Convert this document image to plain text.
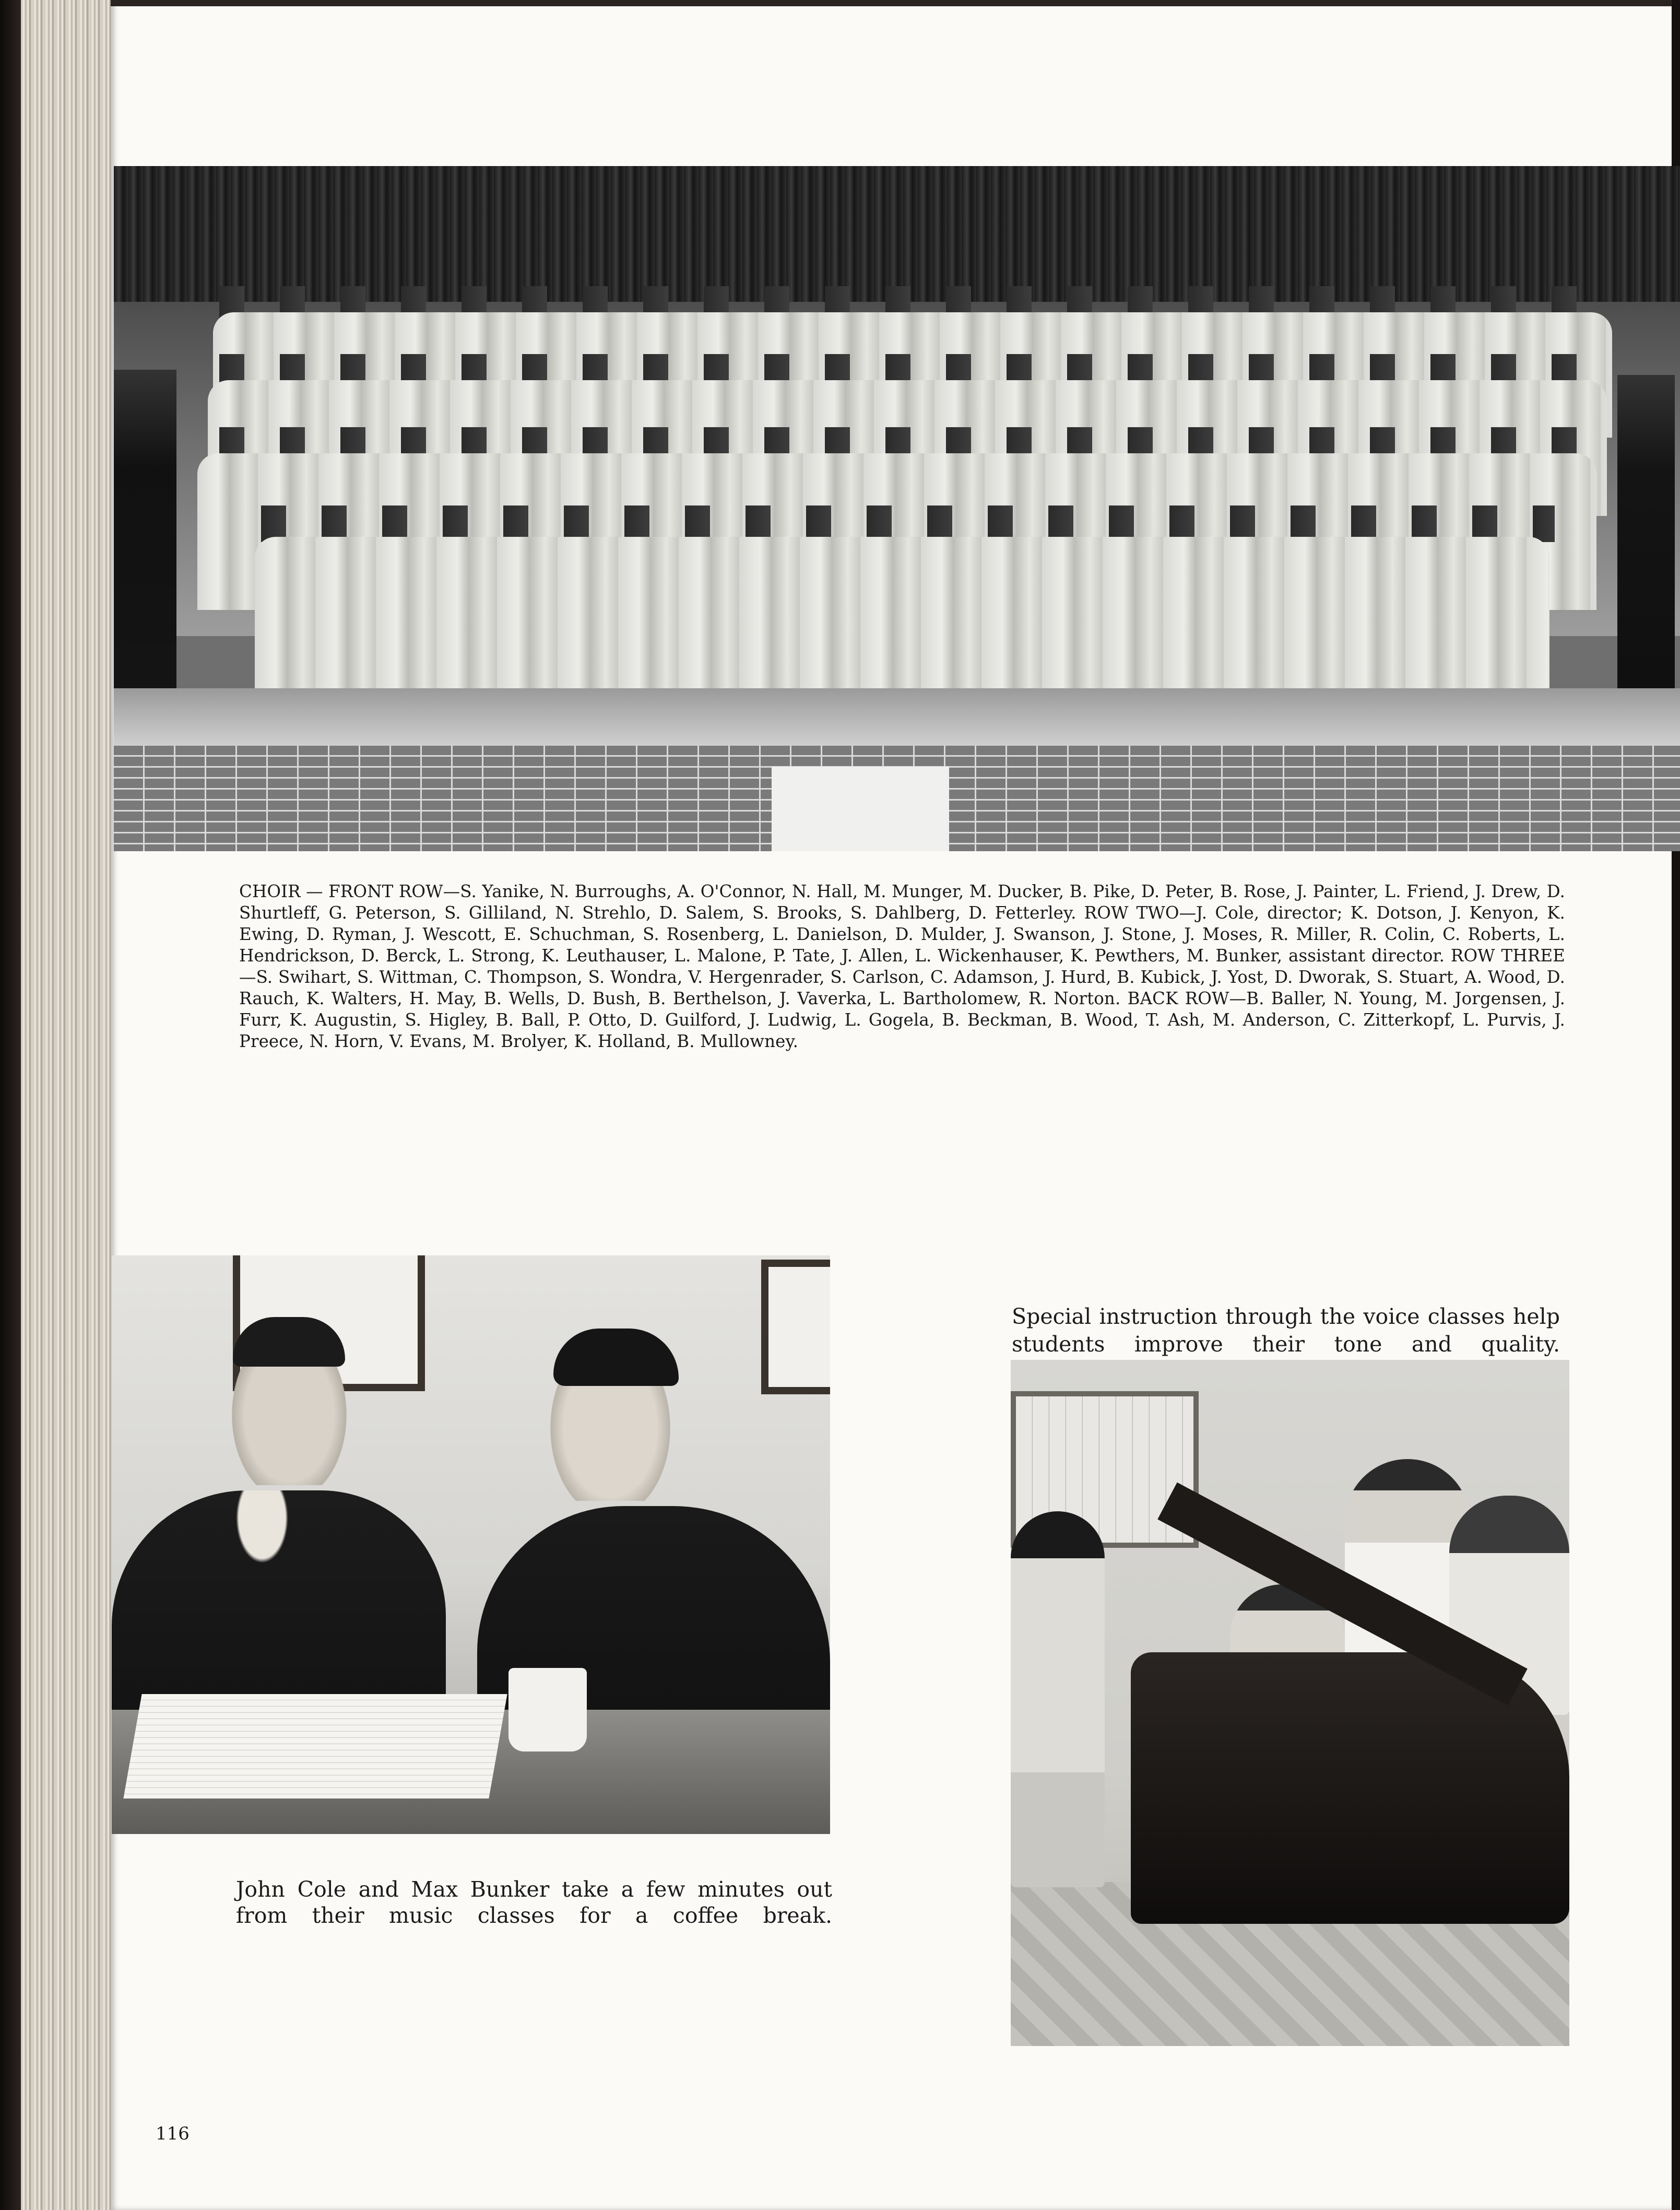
CHOIR — FRONT ROW—S. Yanike, N. Burroughs, A. O'Connor, N. Hall, M. Munger, M. Ducker, B. Pike, D. Peter, B. Rose, J. Painter, L. Friend, J. Drew, D. Shurtleff, G. Peterson, S. Gilliland, N. Strehlo, D. Salem, S. Brooks, S. Dahlberg, D. Fetterley. ROW TWO—J. Cole, director; K. Dotson, J. Kenyon, K. Ewing, D. Ryman, J. Wescott, E. Schuchman, S. Rosenberg, L. Danielson, D. Mulder, J. Swanson, J. Stone, J. Moses, R. Miller, R. Colin, C. Roberts, L. Hendrickson, D. Berck, L. Strong, K. Leuthauser, L. Malone, P. Tate, J. Allen, L. Wickenhauser, K. Pewthers, M. Bunker, assistant director. ROW THREE—S. Swihart, S. Wittman, C. Thompson, S. Wondra, V. Hergenrader, S. Carlson, C. Adamson, J. Hurd, B. Kubick, J. Yost, D. Dworak, S. Stuart, A. Wood, D. Rauch, K. Walters, H. May, B. Wells, D. Bush, B. Berthelson, J. Vaverka, L. Bartholomew, R. Norton. BACK ROW—B. Baller, N. Young, M. Jorgensen, J. Furr, K. Augustin, S. Higley, B. Ball, P. Otto, D. Guilford, J. Ludwig, L. Gogela, B. Beckman, B. Wood, T. Ash, M. Anderson, C. Zitterkopf, L. Purvis, J. Preece, N. Horn, V. Evans, M. Brolyer, K. Holland, B. Mullowney.

John Cole and Max Bunker take a few minutes out from their music classes for a coffee break.

Special instruction through the voice classes help students improve their tone and quality.

116
